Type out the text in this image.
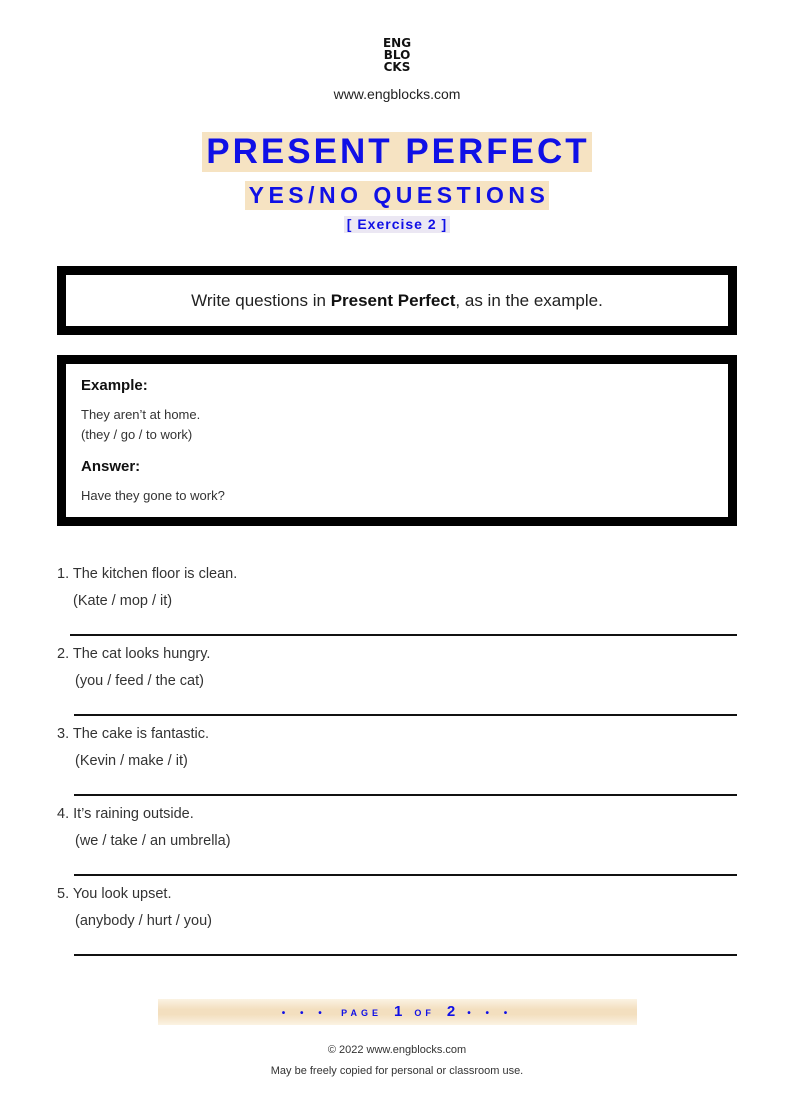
ENG
BLO
CKS
www.engblocks.com
PRESENT PERFECT
YES/NO QUESTIONS
[ Exercise 2 ]
Write questions in Present Perfect, as in the example.
Example:
They aren’t at home.
(they / go / to work)
Answer:
Have they gone to work?
1. The kitchen floor is clean.
(Kate / mop / it)
2. The cat looks hungry.
(you / feed / the cat)
3. The cake is fantastic.
(Kevin / make / it)
4. It’s raining outside.
(we / take / an umbrella)
5. You look upset.
(anybody / hurt / you)
• • • PAGE 1 OF 2 • • •
© 2022 www.engblocks.com
May be freely copied for personal or classroom use.
